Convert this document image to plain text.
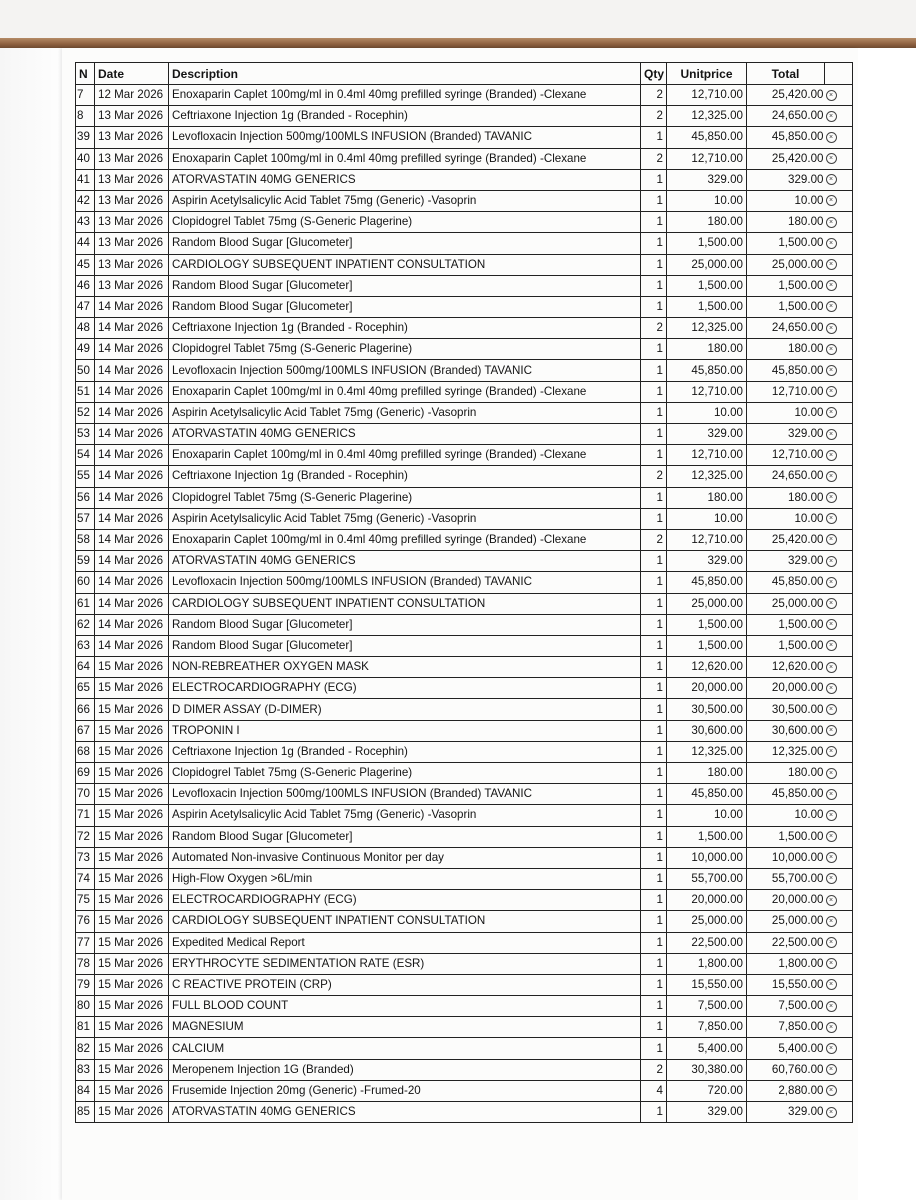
N	Date	Description	Qty	Unitprice	Total	
7	12 Mar 2026	Enoxaparin Caplet 100mg/ml in 0.4ml 40mg prefilled syringe (Branded) -Clexane	2	12,710.00	25,420.00	×
8	13 Mar 2026	Ceftriaxone Injection 1g (Branded - Rocephin)	2	12,325.00	24,650.00	×
39	13 Mar 2026	Levofloxacin Injection 500mg/100MLS INFUSION (Branded) TAVANIC	1	45,850.00	45,850.00	×
40	13 Mar 2026	Enoxaparin Caplet 100mg/ml in 0.4ml 40mg prefilled syringe (Branded) -Clexane	2	12,710.00	25,420.00	×
41	13 Mar 2026	ATORVASTATIN 40MG GENERICS	1	329.00	329.00	×
42	13 Mar 2026	Aspirin Acetylsalicylic Acid Tablet 75mg (Generic) -Vasoprin	1	10.00	10.00	×
43	13 Mar 2026	Clopidogrel Tablet 75mg (S-Generic Plagerine)	1	180.00	180.00	×
44	13 Mar 2026	Random Blood Sugar [Glucometer]	1	1,500.00	1,500.00	×
45	13 Mar 2026	CARDIOLOGY SUBSEQUENT INPATIENT CONSULTATION	1	25,000.00	25,000.00	×
46	13 Mar 2026	Random Blood Sugar [Glucometer]	1	1,500.00	1,500.00	×
47	14 Mar 2026	Random Blood Sugar [Glucometer]	1	1,500.00	1,500.00	×
48	14 Mar 2026	Ceftriaxone Injection 1g (Branded - Rocephin)	2	12,325.00	24,650.00	×
49	14 Mar 2026	Clopidogrel Tablet 75mg (S-Generic Plagerine)	1	180.00	180.00	×
50	14 Mar 2026	Levofloxacin Injection 500mg/100MLS INFUSION (Branded) TAVANIC	1	45,850.00	45,850.00	×
51	14 Mar 2026	Enoxaparin Caplet 100mg/ml in 0.4ml 40mg prefilled syringe (Branded) -Clexane	1	12,710.00	12,710.00	×
52	14 Mar 2026	Aspirin Acetylsalicylic Acid Tablet 75mg (Generic) -Vasoprin	1	10.00	10.00	×
53	14 Mar 2026	ATORVASTATIN 40MG GENERICS	1	329.00	329.00	×
54	14 Mar 2026	Enoxaparin Caplet 100mg/ml in 0.4ml 40mg prefilled syringe (Branded) -Clexane	1	12,710.00	12,710.00	×
55	14 Mar 2026	Ceftriaxone Injection 1g (Branded - Rocephin)	2	12,325.00	24,650.00	×
56	14 Mar 2026	Clopidogrel Tablet 75mg (S-Generic Plagerine)	1	180.00	180.00	×
57	14 Mar 2026	Aspirin Acetylsalicylic Acid Tablet 75mg (Generic) -Vasoprin	1	10.00	10.00	×
58	14 Mar 2026	Enoxaparin Caplet 100mg/ml in 0.4ml 40mg prefilled syringe (Branded) -Clexane	2	12,710.00	25,420.00	×
59	14 Mar 2026	ATORVASTATIN 40MG GENERICS	1	329.00	329.00	×
60	14 Mar 2026	Levofloxacin Injection 500mg/100MLS INFUSION (Branded) TAVANIC	1	45,850.00	45,850.00	×
61	14 Mar 2026	CARDIOLOGY SUBSEQUENT INPATIENT CONSULTATION	1	25,000.00	25,000.00	×
62	14 Mar 2026	Random Blood Sugar [Glucometer]	1	1,500.00	1,500.00	×
63	14 Mar 2026	Random Blood Sugar [Glucometer]	1	1,500.00	1,500.00	×
64	15 Mar 2026	NON-REBREATHER OXYGEN MASK	1	12,620.00	12,620.00	×
65	15 Mar 2026	ELECTROCARDIOGRAPHY (ECG)	1	20,000.00	20,000.00	×
66	15 Mar 2026	D DIMER ASSAY (D-DIMER)	1	30,500.00	30,500.00	×
67	15 Mar 2026	TROPONIN I	1	30,600.00	30,600.00	×
68	15 Mar 2026	Ceftriaxone Injection 1g (Branded - Rocephin)	1	12,325.00	12,325.00	×
69	15 Mar 2026	Clopidogrel Tablet 75mg (S-Generic Plagerine)	1	180.00	180.00	×
70	15 Mar 2026	Levofloxacin Injection 500mg/100MLS INFUSION (Branded) TAVANIC	1	45,850.00	45,850.00	×
71	15 Mar 2026	Aspirin Acetylsalicylic Acid Tablet 75mg (Generic) -Vasoprin	1	10.00	10.00	×
72	15 Mar 2026	Random Blood Sugar [Glucometer]	1	1,500.00	1,500.00	×
73	15 Mar 2026	Automated Non-invasive Continuous Monitor per day	1	10,000.00	10,000.00	×
74	15 Mar 2026	High-Flow Oxygen >6L/min	1	55,700.00	55,700.00	×
75	15 Mar 2026	ELECTROCARDIOGRAPHY (ECG)	1	20,000.00	20,000.00	×
76	15 Mar 2026	CARDIOLOGY SUBSEQUENT INPATIENT CONSULTATION	1	25,000.00	25,000.00	×
77	15 Mar 2026	Expedited Medical Report	1	22,500.00	22,500.00	×
78	15 Mar 2026	ERYTHROCYTE SEDIMENTATION RATE (ESR)	1	1,800.00	1,800.00	×
79	15 Mar 2026	C REACTIVE PROTEIN (CRP)	1	15,550.00	15,550.00	×
80	15 Mar 2026	FULL BLOOD COUNT	1	7,500.00	7,500.00	×
81	15 Mar 2026	MAGNESIUM	1	7,850.00	7,850.00	×
82	15 Mar 2026	CALCIUM	1	5,400.00	5,400.00	×
83	15 Mar 2026	Meropenem Injection 1G (Branded)	2	30,380.00	60,760.00	×
84	15 Mar 2026	Frusemide Injection 20mg (Generic) -Frumed-20	4	720.00	2,880.00	×
85	15 Mar 2026	ATORVASTATIN 40MG GENERICS	1	329.00	329.00	×
